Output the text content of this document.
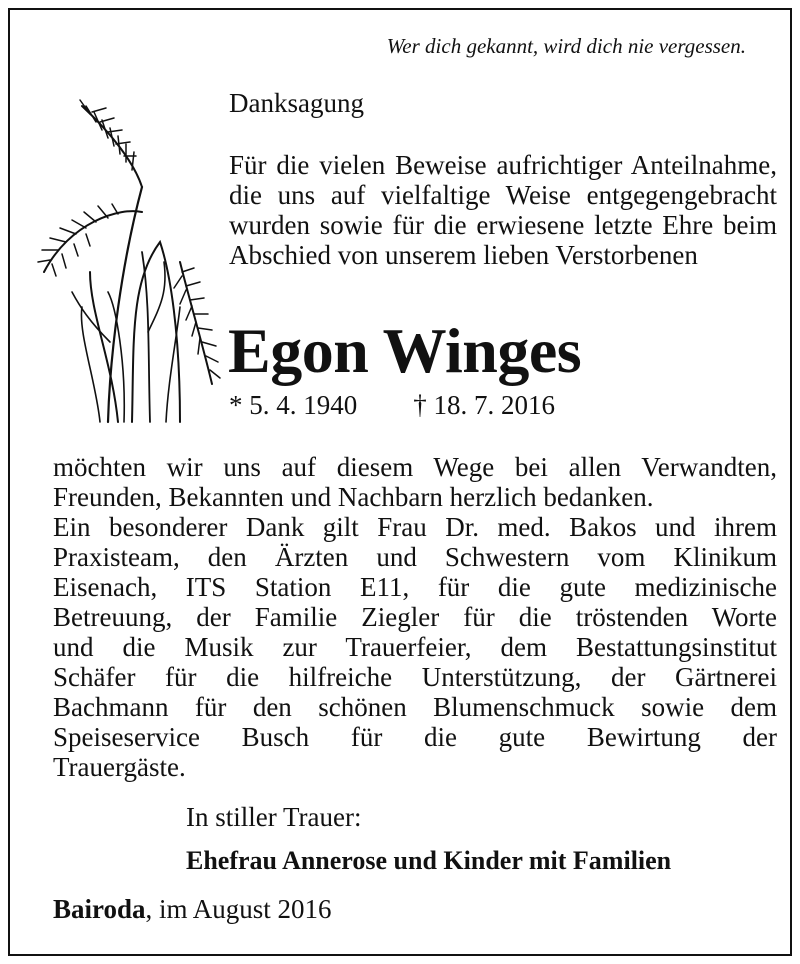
Wer dich gekannt, wird dich nie vergessen.
Danksagung
Für die vielen Beweise aufrichtiger Anteilnahme, die uns auf vielfaltige Weise entgegengebracht wurden sowie für die erwiesene letzte Ehre beim Abschied von unserem lieben Verstorbenen
Egon Winges
* 5. 4. 1940 † 18. 7. 2016
möchten wir uns auf diesem Wege bei allen Verwandten,
Freunden, Bekannten und Nachbarn herzlich bedanken.
Ein besonderer Dank gilt Frau Dr. med. Bakos und ihrem
Praxisteam, den Ärzten und Schwestern vom Klinikum
Eisenach, ITS Station E11, für die gute medizinische
Betreuung, der Familie Ziegler für die tröstenden Worte
und die Musik zur Trauerfeier, dem Bestattungsinstitut
Schäfer für die hilfreiche Unterstützung, der Gärtnerei
Bachmann für den schönen Blumenschmuck sowie dem
Speiseservice Busch für die gute Bewirtung der
Trauergäste.
In stiller Trauer:
Ehefrau Annerose und Kinder mit Familien
Bairoda, im August 2016
